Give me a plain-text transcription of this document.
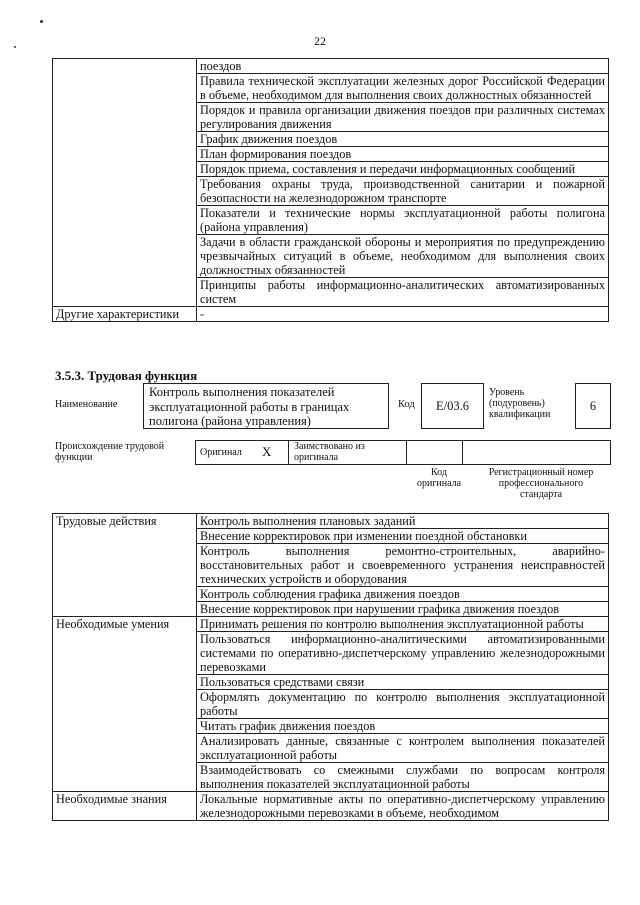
22
	поездов
	Правила технической эксплуатации железных дорог Российской Федерации в объеме, необходимом для выполнения своих должностных обязанностей
	Порядок и правила организации движения поездов при различных системах регулирования движения
	График движения поездов
	План формирования поездов
	Порядок приема, составления и передачи информационных сообщений
	Требования охраны труда, производственной санитарии и пожарной безопасности на железнодорожном транспорте
	Показатели и технические нормы эксплуатационной работы полигона (района управления)
	Задачи в области гражданской обороны и мероприятия по предупреждению чрезвычайных ситуаций в объеме, необходимом для выполнения своих должностных обязанностей
	Принципы работы информационно-аналитических автоматизированных систем
Другие характеристики	-
3.5.3. Трудовая функция
Наименование
Контроль выполнения показателей эксплуатационной работы в границах полигона (района управления)
Код	E/03.6
Уровень (подуровень) квалификации
6
Происхождение трудовой функции	Оригинал X Заимствовано из оригинала
Код оригинала
Регистрационный номер профессионального стандарта
Трудовые действия	Контроль выполнения плановых заданий
	Внесение корректировок при изменении поездной обстановки
	Контроль выполнения ремонтно-строительных, аварийно-восстановительных работ и своевременного устранения неисправностей технических устройств и оборудования
	Контроль соблюдения графика движения поездов
	Внесение корректировок при нарушении графика движения поездов
Необходимые умения	Принимать решения по контролю выполнения эксплуатационной работы
	Пользоваться информационно-аналитическими автоматизированными системами по оперативно-диспетчерскому управлению железнодорожными перевозками
	Пользоваться средствами связи
	Оформлять документацию по контролю выполнения эксплуатационной работы
	Читать график движения поездов
	Анализировать данные, связанные с контролем выполнения показателей эксплуатационной работы
	Взаимодействовать со смежными службами по вопросам контроля выполнения показателей эксплуатационной работы
Необходимые знания	Локальные нормативные акты по оперативно-диспетчерскому управлению железнодорожными перевозками в объеме, необходимом
